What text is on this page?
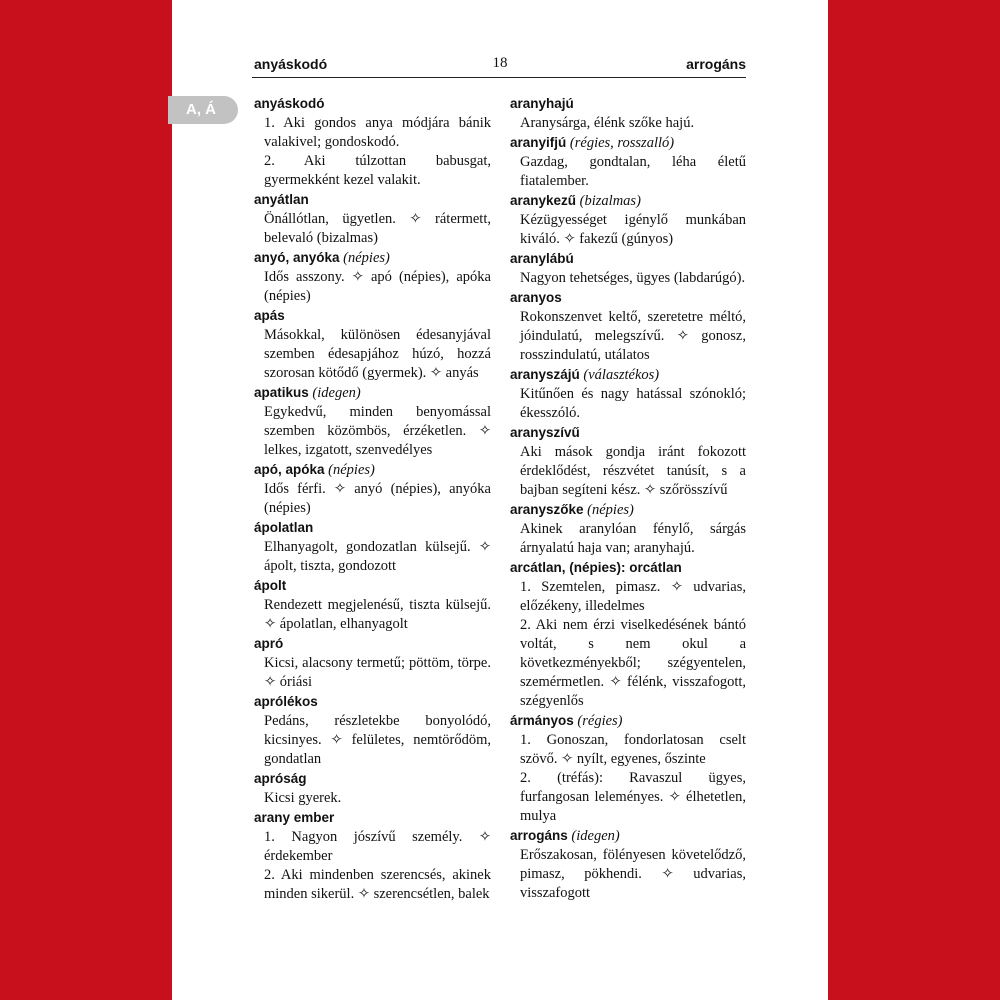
anyáskodó	18	arrogáns
A, Á	anyáskodó
1. Aki gondos anya módjára bánik valakivel; gondoskodó.
2. Aki túlzottan babusgat, gyermekként kezel valakit.
anyátlan
Önállótlan, ügyetlen. ✧ rátermett, belevaló (bizalmas)
anyó, anyóka (népies)
Idős asszony. ✧ apó (népies), apóka (népies)
apás
Másokkal, különösen édesanyjával szemben édesapjához húzó, hozzá szorosan kötődő (gyermek). ✧ anyás
apatikus (idegen)
Egykedvű, minden benyomással szemben közömbös, érzéketlen. ✧ lelkes, izgatott, szenvedélyes
apó, apóka (népies)
Idős férfi. ✧ anyó (népies), anyóka (népies)
ápolatlan
Elhanyagolt, gondozatlan külsejű. ✧ ápolt, tiszta, gondozott
ápolt
Rendezett megjelenésű, tiszta külsejű. ✧ ápolatlan, elhanyagolt
apró
Kicsi, alacsony termetű; pöttöm, törpe. ✧ óriási
aprólékos
Pedáns, részletekbe bonyolódó, kicsinyes. ✧ felületes, nemtörődöm, gondatlan
apróság
Kicsi gyerek.
arany ember
1. Nagyon jószívű személy. ✧ érdekember
2. Aki mindenben szerencsés, akinek minden sikerül. ✧ szerencsétlen, balek
aranyhajú
Aranysárga, élénk szőke hajú.
aranyifjú (régies, rosszalló)
Gazdag, gondtalan, léha életű fiatalember.
aranykezű (bizalmas)
Kézügyességet igénylő munkában kiváló. ✧ fakezű (gúnyos)
aranylábú
Nagyon tehetséges, ügyes (labdarúgó).
aranyos
Rokonszenvet keltő, szeretetre méltó, jóindulatú, melegszívű. ✧ gonosz, rosszindulatú, utálatos
aranyszájú (választékos)
Kitűnően és nagy hatással szónokló; ékesszóló.
aranyszívű
Aki mások gondja iránt fokozott érdeklődést, részvétet tanúsít, s a bajban segíteni kész. ✧ szőrösszívű
aranyszőke (népies)
Akinek aranylóan fénylő, sárgás árnyalatú haja van; aranyhajú.
arcátlan, (népies): orcátlan
1. Szemtelen, pimasz. ✧ udvarias, előzékeny, illedelmes
2. Aki nem érzi viselkedésének bántó voltát, s nem okul a következményekből; szégyentelen, szemérmetlen. ✧ félénk, visszafogott, szégyenlős
ármányos (régies)
1. Gonoszan, fondorlatosan cselt szövő. ✧ nyílt, egyenes, őszinte
2. (tréfás): Ravaszul ügyes, furfangosan leleményes. ✧ élhetetlen, mulya
arrogáns (idegen)
Erőszakosan, fölényesen követelődző, pimasz, pökhendi. ✧ udvarias, visszafogott
